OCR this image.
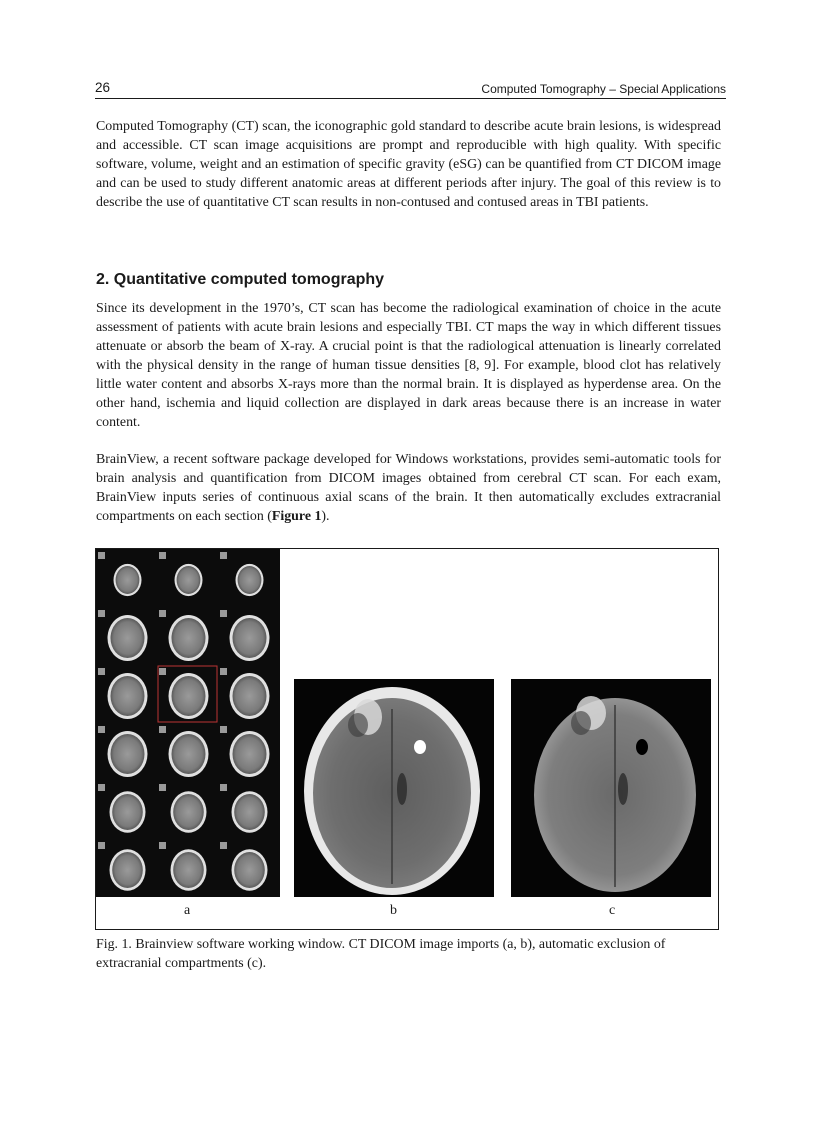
26	Computed Tomography – Special Applications

Computed Tomography (CT) scan, the iconographic gold standard to describe acute brain lesions, is widespread and accessible. CT scan image acquisitions are prompt and reproducible with high quality. With specific software, volume, weight and an estimation of specific gravity (eSG) can be quantified from CT DICOM image and can be used to study different anatomic areas at different periods after injury. The goal of this review is to describe the use of quantitative CT scan results in non-contused and contused areas in TBI patients.

2. Quantitative computed tomography

Since its development in the 1970’s, CT scan has become the radiological examination of choice in the acute assessment of patients with acute brain lesions and especially TBI. CT maps the way in which different tissues attenuate or absorb the beam of X-ray. A crucial point is that the radiological attenuation is linearly correlated with the physical density in the range of human tissue densities [8, 9]. For example, blood clot has relatively little water content and absorbs X-rays more than the normal brain. It is displayed as hyperdense area. On the other hand, ischemia and liquid collection are displayed in dark areas because there is an increase in water content.

BrainView, a recent software package developed for Windows workstations, provides semi-automatic tools for brain analysis and quantification from DICOM images obtained from cerebral CT scan. For each exam, BrainView inputs series of continuous axial scans of the brain. It then automatically excludes extracranial compartments on each section (Figure 1).

a	b	c

Fig. 1. Brainview software working window. CT DICOM image imports (a, b), automatic exclusion of extracranial compartments (c).
